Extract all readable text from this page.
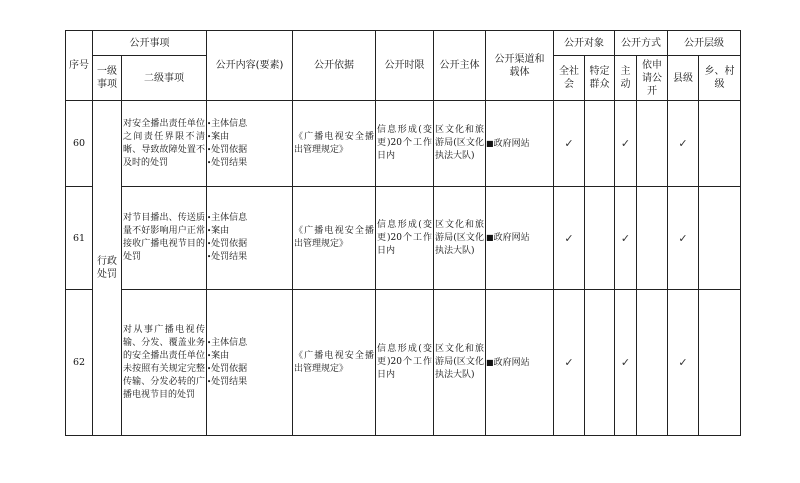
序号	公开事项		公开内容(要素)	公开依据	公开时限	公开主体	公开渠道和载体	公开对象		公开方式		公开层级	
	一级事项	二级事项						全社会	特定群众	主动	依申请公开	县级	乡、村级
60	行政处罚	对安全播出责任单位之间责任界限不清晰、导致故障处置不及时的处罚	•主体信息
•案由
•处罚依据
•处罚结果	《广播电视安全播出管理规定》	信息形成(变更)20个工作日内	区文化和旅游局(区文化执法大队)	■政府网站	✓		✓		✓	
61		对节目播出、传送质量不好影响用户正常接收广播电视节目的处罚	•主体信息
•案由
•处罚依据
•处罚结果	《广播电视安全播出管理规定》	信息形成(变更)20个工作日内	区文化和旅游局(区文化执法大队)	■政府网站	✓		✓		✓	
62		对从事广播电视传输、分发、覆盖业务的安全播出责任单位未按照有关规定完整传输、分发必转的广播电视节目的处罚	•主体信息
•案由
•处罚依据
•处罚结果	《广播电视安全播出管理规定》	信息形成(变更)20个工作日内	区文化和旅游局(区文化执法大队)	■政府网站	✓		✓		✓	
